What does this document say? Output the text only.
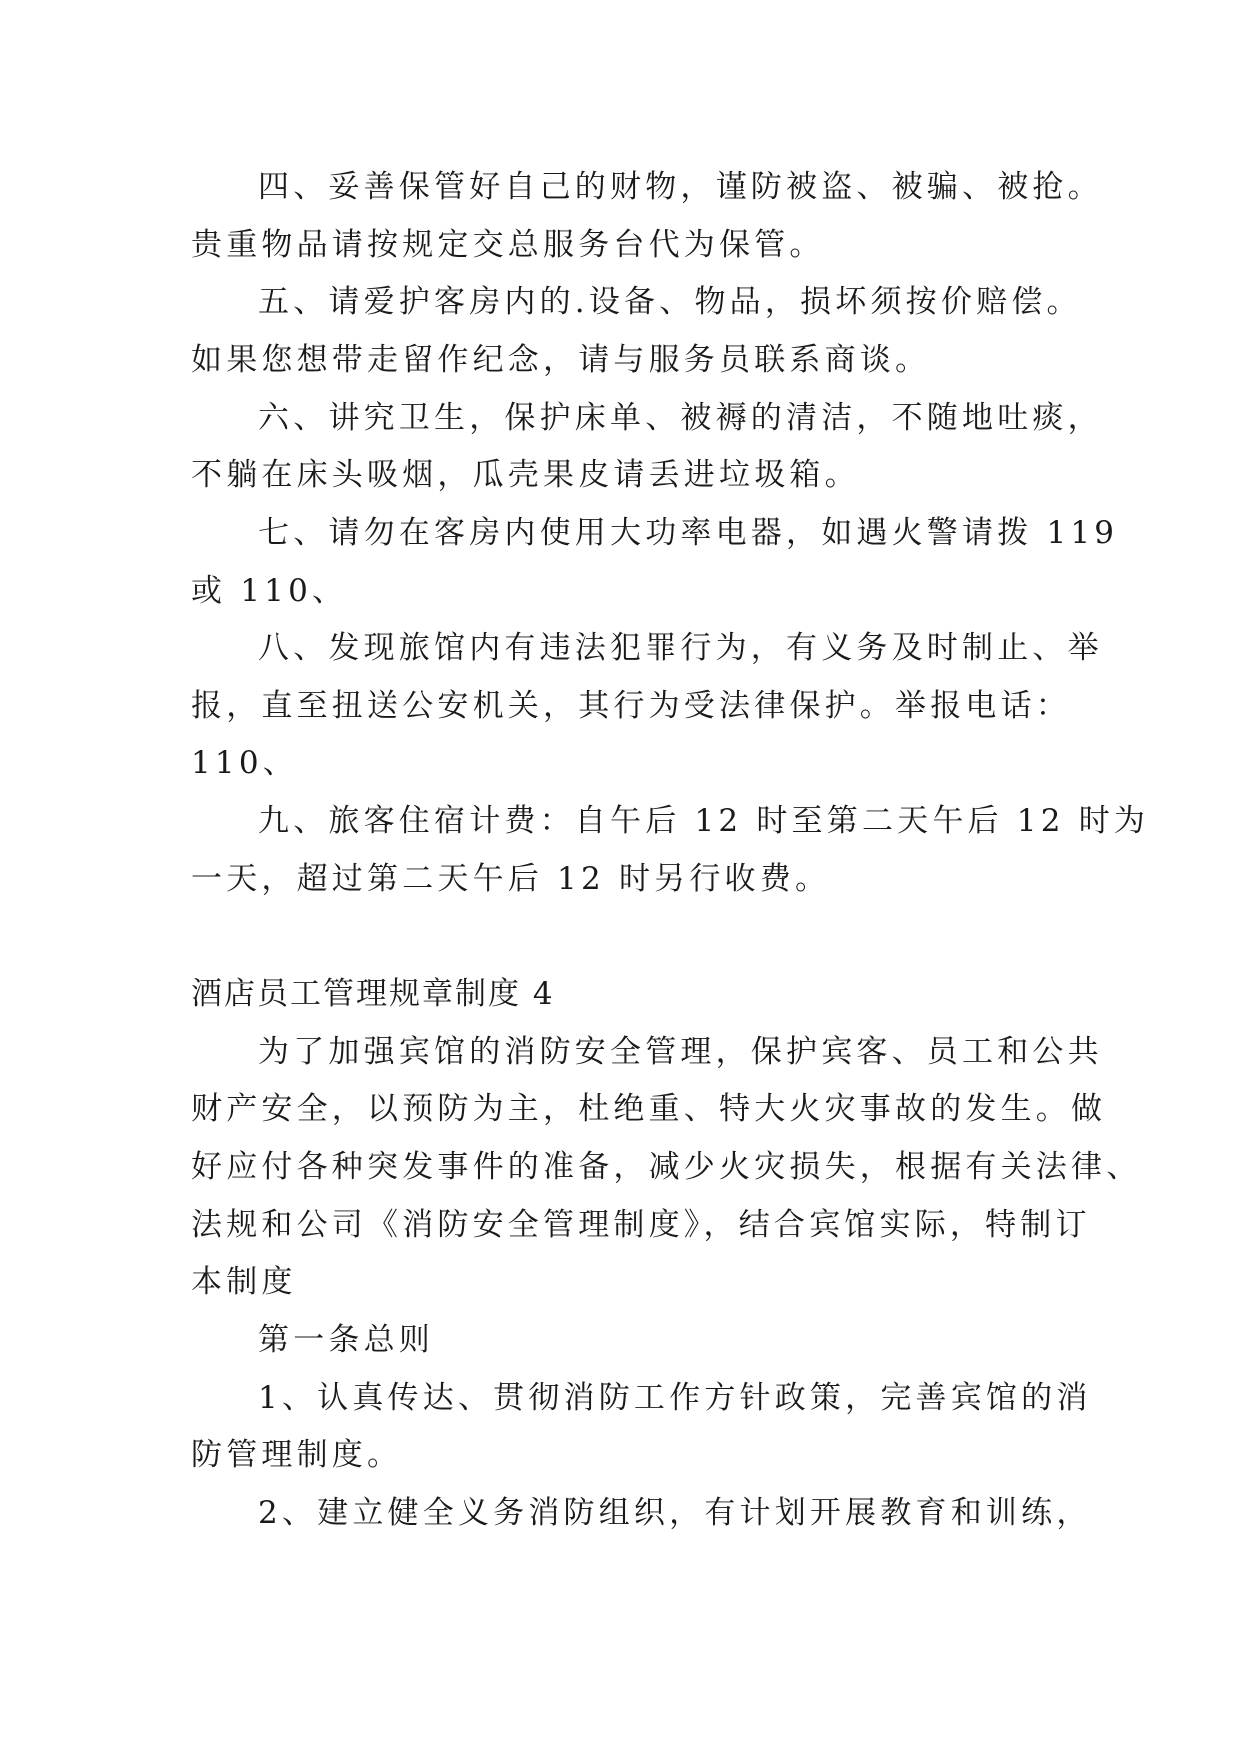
四、妥善保管好自己的财物，谨防被盗、被骗、被抢。
贵重物品请按规定交总服务台代为保管。
五、请爱护客房内的.设备、物品，损坏须按价赔偿。
如果您想带走留作纪念，请与服务员联系商谈。
六、讲究卫生，保护床单、被褥的清洁，不随地吐痰，
不躺在床头吸烟，瓜壳果皮请丢进垃圾箱。
七、请勿在客房内使用大功率电器，如遇火警请拨 119
或 110、
八、发现旅馆内有违法犯罪行为，有义务及时制止、举
报，直至扭送公安机关，其行为受法律保护。举报电话：
110、
九、旅客住宿计费：自午后 12 时至第二天午后 12 时为
一天，超过第二天午后 12 时另行收费。
酒店员工管理规章制度 4
为了加强宾馆的消防安全管理，保护宾客、员工和公共
财产安全，以预防为主，杜绝重、特大火灾事故的发生。做
好应付各种突发事件的准备，减少火灾损失，根据有关法律、
法规和公司《消防安全管理制度》，结合宾馆实际，特制订
本制度
第一条总则
1、认真传达、贯彻消防工作方针政策，完善宾馆的消
防管理制度。
2、建立健全义务消防组织，有计划开展教育和训练，
